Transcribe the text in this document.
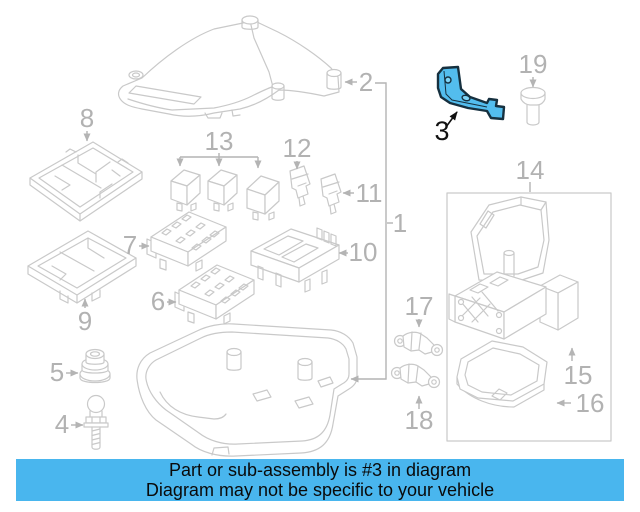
1
2
3
4
5
6
7
8
9
10
11
12
13
14
15
16
17
18
19
Part or sub-assembly is #3 in diagram
Diagram may not be specific to your vehicle
